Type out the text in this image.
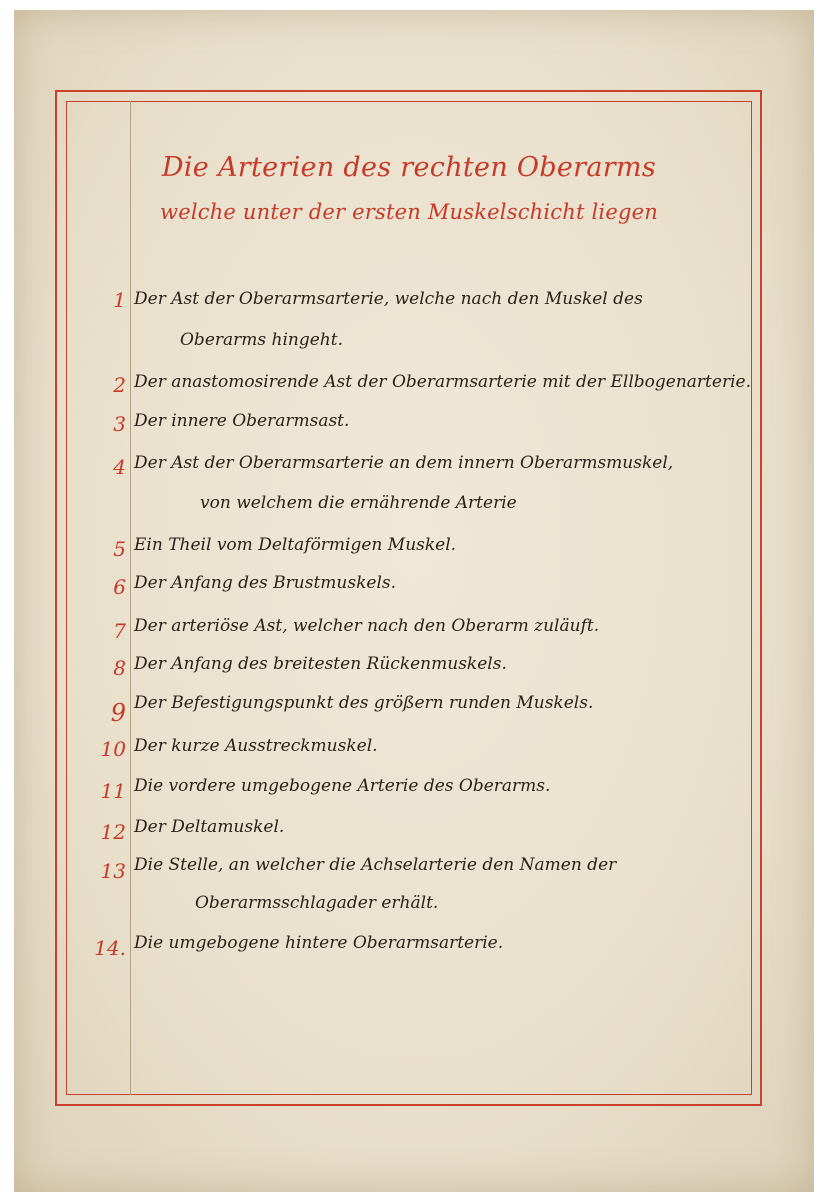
Die Arterien des rechten Oberarms
welche unter der ersten Muskelschicht liegen
1 Der Ast der Oberarmsarterie, welche nach den Muskel des
Oberarms hingeht.
2 Der anastomosirende Ast der Oberarmsarterie mit der Ellbogenarterie.
3 Der innere Oberarmsast.
4 Der Ast der Oberarmsarterie an dem innern Oberarmsmuskel,
von welchem die ernährende Arterie
5 Ein Theil vom Deltaförmigen Muskel.
6 Der Anfang des Brustmuskels.
7 Der arteriöse Ast, welcher nach den Oberarm zuläuft.
8 Der Anfang des breitesten Rückenmuskels.
9 Der Befestigungspunkt des größern runden Muskels.
10 Der kurze Ausstreckmuskel.
11 Die vordere umgebogene Arterie des Oberarms.
12 Der Deltamuskel.
13 Die Stelle, an welcher die Achselarterie den Namen der
Oberarmsschlagader erhält.
14. Die umgebogene hintere Oberarmsarterie.
